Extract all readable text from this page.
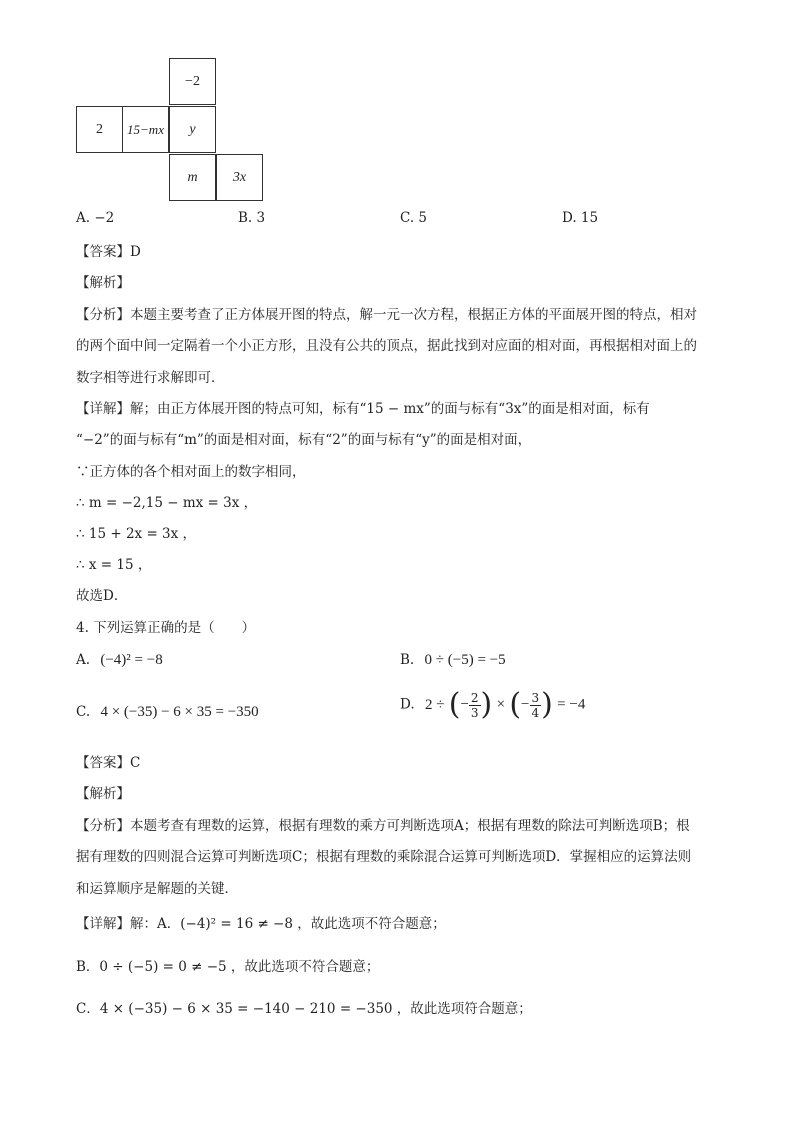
−2
2	15−mx	y
m	3x
A. −2	B. 3	C. 5	D. 15
【答案】D
【解析】
【分析】本题主要考查了正方体展开图的特点，解一元一次方程，根据正方体的平面展开图的特点，相对
的两个面中间一定隔着一个小正方形，且没有公共的顶点，据此找到对应面的相对面，再根据相对面上的
数字相等进行求解即可．
【详解】解；由正方体展开图的特点可知，标有“15 − mx”的面与标有“3x”的面是相对面，标有
“−2”的面与标有“m”的面是相对面，标有“2”的面与标有“y”的面是相对面，
∵正方体的各个相对面上的数字相同，
∴ m = −2,15 − mx = 3x ，
∴ 15 + 2x = 3x ，
∴ x = 15 ，
故选D．
4. 下列运算正确的是（　　）
A. (−4)² = −8	B. 0 ÷ (−5) = −5
C. 4 × (−35) − 6 × 35 = −350	D. 2 ÷ (− $\frac{2}{3}$ ) × (− $\frac{3}{4}$ ) = −4
【答案】C
【解析】
【分析】本题考查有理数的运算，根据有理数的乘方可判断选项A；根据有理数的除法可判断选项B；根
据有理数的四则混合运算可判断选项C；根据有理数的乘除混合运算可判断选项D．掌握相应的运算法则
和运算顺序是解题的关键．
【详解】解：A．(−4)² = 16 ≠ −8 ，故此选项不符合题意；
B．0 ÷ (−5) = 0 ≠ −5 ，故此选项不符合题意；
C．4 × (−35) − 6 × 35 = −140 − 210 = −350 ，故此选项符合题意；
